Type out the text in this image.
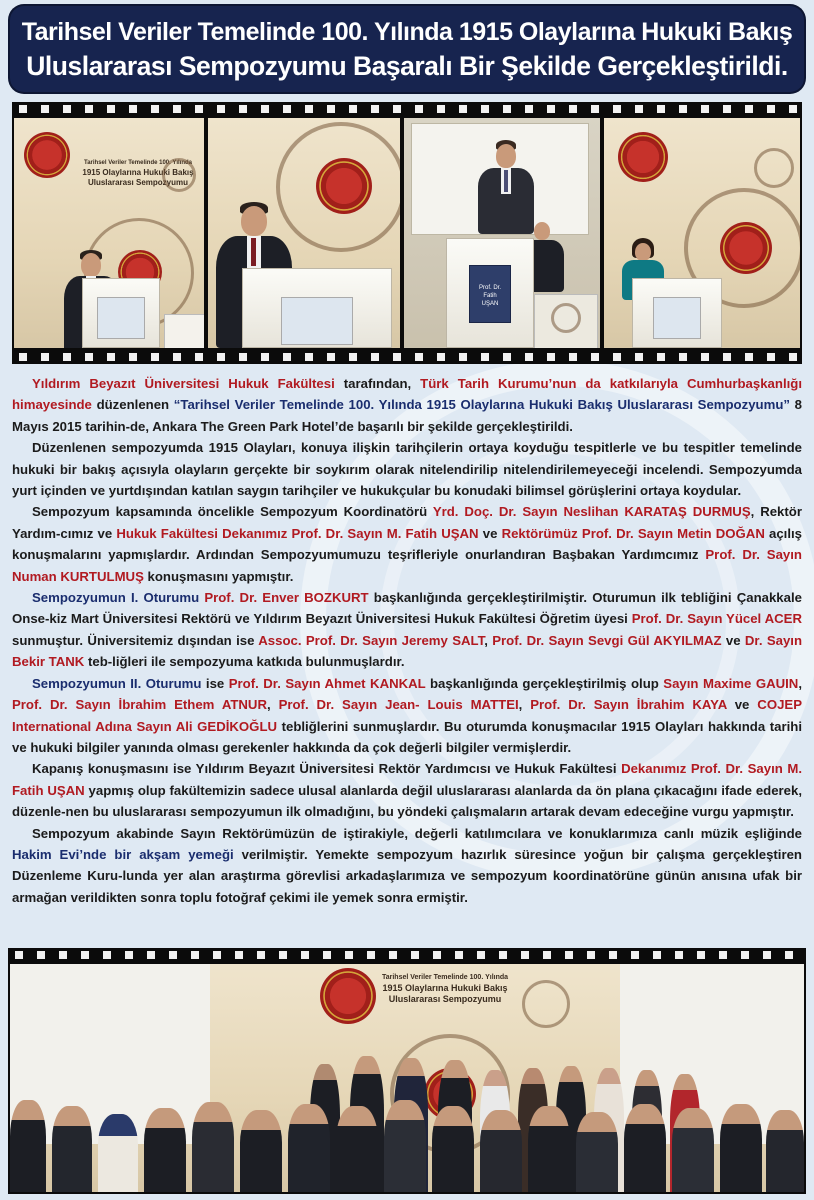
Tarihsel Veriler Temelinde 100. Yılında 1915 Olaylarına Hukuki Bakış
Uluslararası Sempozyumu Başaralı Bir Şekilde Gerçekleştirildi.
Tarihsel Veriler Temelinde 100. Yılında
1915 Olaylarına Hukuki Bakış
Uluslararası Sempozyumu
Prof. Dr.
Fatih
UŞAN

Yıldırım Beyazıt Üniversitesi Hukuk Fakültesi tarafından, Türk Tarih Kurumu’nun da katkılarıyla Cumhurbaşkanlığı himayesinde düzenlenen “Tarihsel Veriler Temelinde 100. Yılında 1915 Olaylarına Hukuki Bakış Uluslararası Sempozyumu” 8 Mayıs 2015 tarihin-de, Ankara The Green Park Hotel’de başarılı bir şekilde gerçekleştirildi.

Düzenlenen sempozyumda 1915 Olayları, konuya ilişkin tarihçilerin ortaya koyduğu tespitlerle ve bu tespitler temelinde hukuki bir bakış açısıyla olayların gerçekte bir soykırım olarak nitelendirilip nitelendirilemeyeceği incelendi. Sempozyumda yurt içinden ve yurtdışından katılan saygın tarihçiler ve hukukçular bu konudaki bilimsel görüşlerini ortaya koydular.

Sempozyum kapsamında öncelikle Sempozyum Koordinatörü Yrd. Doç. Dr. Sayın Neslihan KARATAŞ DURMUŞ, Rektör Yardım-cımız ve Hukuk Fakültesi Dekanımız Prof. Dr. Sayın M. Fatih UŞAN ve Rektörümüz Prof. Dr. Sayın Metin DOĞAN açılış konuşmalarını yapmışlardır. Ardından Sempozyumumuzu teşrifleriyle onurlandıran Başbakan Yardımcımız Prof. Dr. Sayın Numan KURTULMUŞ konuşmasını yapmıştır.

Sempozyumun I. Oturumu Prof. Dr. Enver BOZKURT başkanlığında gerçekleştirilmiştir. Oturumun ilk tebliğini Çanakkale Onse-kiz Mart Üniversitesi Rektörü ve Yıldırım Beyazıt Üniversitesi Hukuk Fakültesi Öğretim üyesi Prof. Dr. Sayın Yücel ACER sunmuştur. Üniversitemiz dışından ise Assoc. Prof. Dr. Sayın Jeremy SALT, Prof. Dr. Sayın Sevgi Gül AKYILMAZ ve Dr. Sayın Bekir TANK teb-liğleri ile sempozyuma katkıda bulunmuşlardır.

Sempozyumun II. Oturumu ise Prof. Dr. Sayın Ahmet KANKAL başkanlığında gerçekleştirilmiş olup Sayın Maxime GAUIN, Prof. Dr. Sayın İbrahim Ethem ATNUR, Prof. Dr. Sayın Jean- Louis MATTEI, Prof. Dr. Sayın İbrahim KAYA ve COJEP International Adına Sayın Ali GEDİKOĞLU tebliğlerini sunmuşlardır. Bu oturumda konuşmacılar 1915 Olayları hakkında tarihi ve hukuki bilgiler yanında olması gerekenler hakkında da çok değerli bilgiler vermişlerdir.

Kapanış konuşmasını ise Yıldırım Beyazıt Üniversitesi Rektör Yardımcısı ve Hukuk Fakültesi Dekanımız Prof. Dr. Sayın M. Fatih UŞAN yapmış olup fakültemizin sadece ulusal alanlarda değil uluslararası alanlarda da ön plana çıkacağını ifade ederek, düzenle-nen bu uluslararası sempozyumun ilk olmadığını, bu yöndeki çalışmaların artarak devam edeceğine vurgu yapmıştır.

Sempozyum akabinde Sayın Rektörümüzün de iştirakiyle, değerli katılımcılara ve konuklarımıza canlı müzik eşliğinde Hakim Evi’nde bir akşam yemeği verilmiştir. Yemekte sempozyum hazırlık süresince yoğun bir çalışma gerçekleştiren Düzenleme Kuru-lunda yer alan araştırma görevlisi arkadaşlarımıza ve sempozyum koordinatörüne günün anısına ufak bir armağan verildikten sonra toplu fotoğraf çekimi ile yemek sonra ermiştir.

Tarihsel Veriler Temelinde 100. Yılında
1915 Olaylarına Hukuki Bakış
Uluslararası Sempozyumu
